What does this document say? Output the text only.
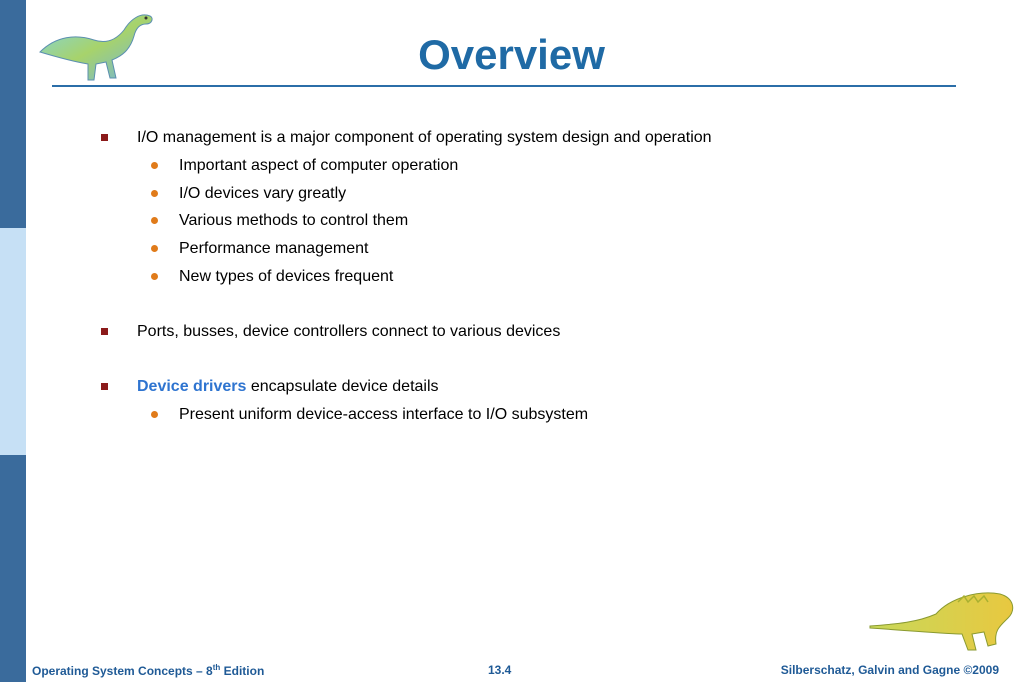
Overview
I/O management is a major component of operating system design and operation
Important aspect of computer operation
I/O devices vary greatly
Various methods to control them
Performance management
New types of devices frequent
Ports, busses, device controllers connect to various devices
Device drivers encapsulate device details
Present uniform device-access interface to I/O subsystem
Operating System Concepts – 8th Edition	13.4	Silberschatz, Galvin and Gagne ©2009
